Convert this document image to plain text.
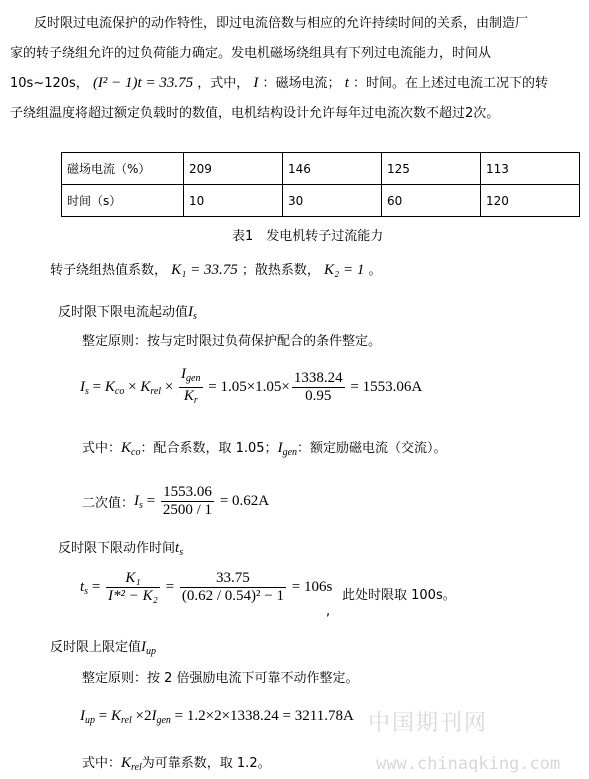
反时限过电流保护的动作特性，即过电流倍数与相应的允许持续时间的关系，由制造厂
家的转子绕组允许的过负荷能力确定。发电机磁场绕组具有下列过电流能力，时间从
10s~120s， (I² − 1)t = 33.75 ，式中， I ：磁场电流； t ：时间。在上述过电流工况下的转
子绕组温度将超过额定负载时的数值，电机结构设计允许每年过电流次数不超过2次。
磁场电流（%）	209	146	125	113
时间（s）	10	30	60	120
表1　发电机转子过流能力
转子绕组热值系数， K₁ = 33.75 ；散热系数， K₂ = 1 。
反时限下限电流起动值$I_s$
整定原则：按与定时限过负荷保护配合的条件整定。
$I_s = K_{co} \times K_{rel} \times \frac{I_{gen}}{K_r} = 1.05\times 1.05\times \frac{1338.24}{0.95} = 1553.06A$
式中：$K_{co}$：配合系数，取 1.05；$I_{gen}$：额定励磁电流（交流）。
二次值：$I_s = \frac{1553.06}{2500 / 1} = 0.62A$
反时限下限动作时间$t_s$
$t_s = \frac{\text{K₁}}{\text{I*² − K₂}} = \frac{33.75}{\text{(0.62 / 0.54)² − 1}} = 106s$
此处时限取 100s。
,
反时限上限定值$I_{up}$
整定原则：按 2 倍强励电流下可靠不动作整定。
$I_{up} = K_{rel} \times 2I_{gen} = 1.2\times 2\times 1338.24 = 3211.78A$
式中：$K_{rel}$为可靠系数，取 1.2。
中国期刊网
www.chinaqking.com
